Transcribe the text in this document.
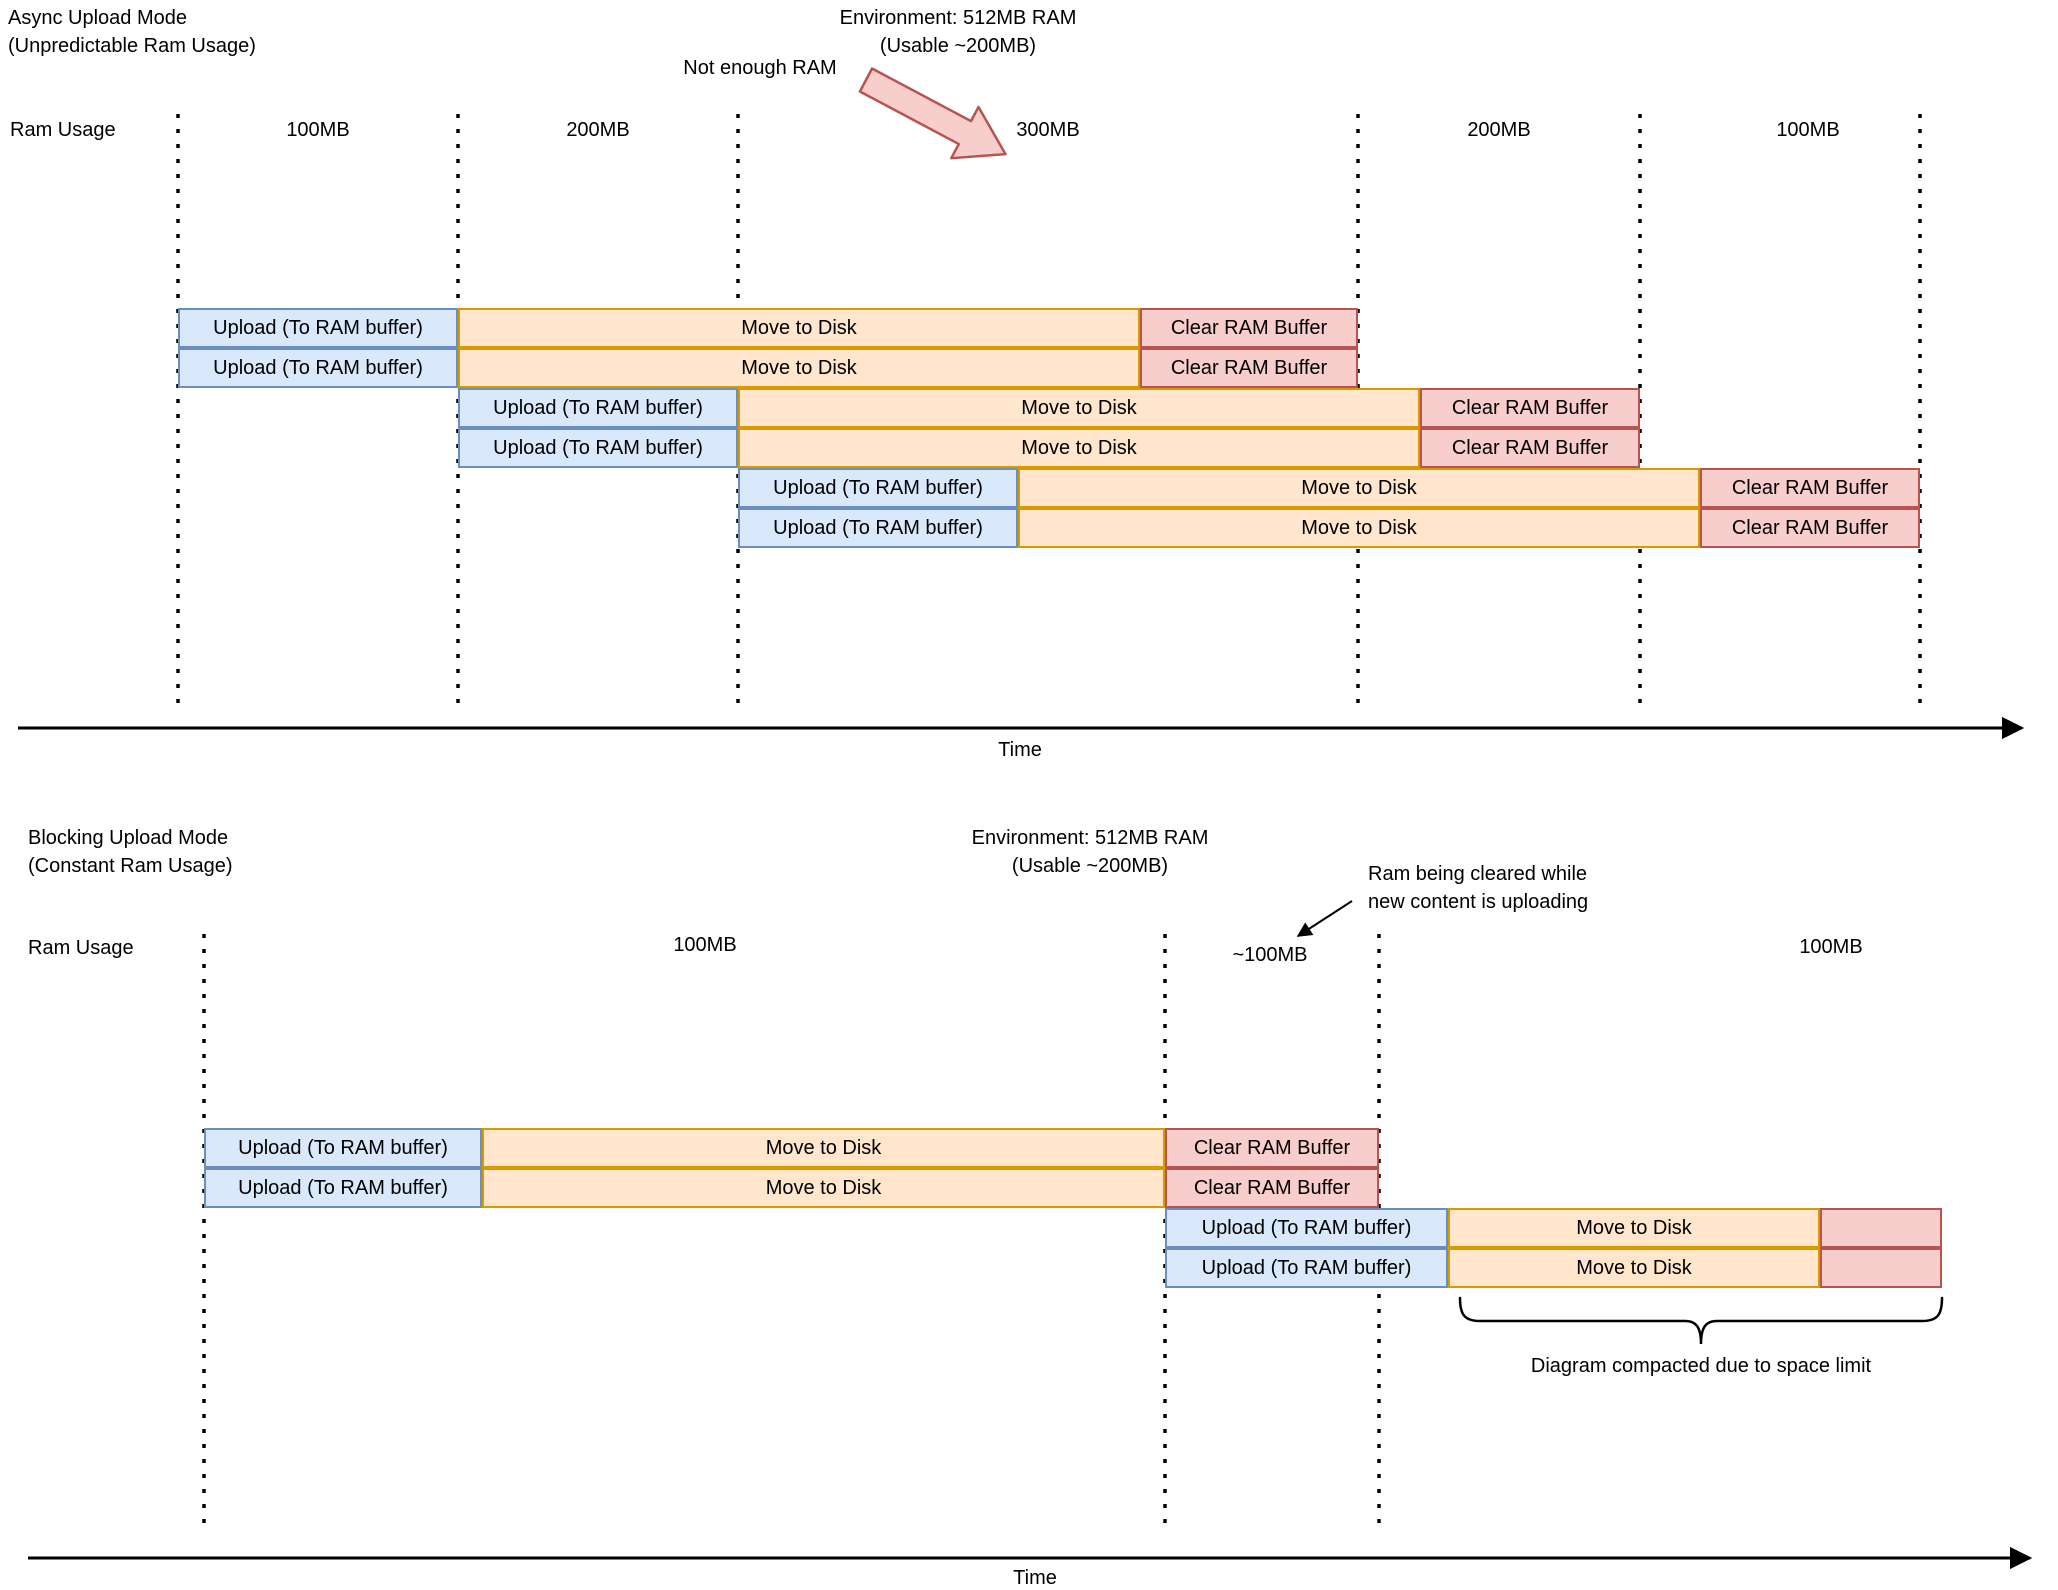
Async Upload Mode
(Unpredictable Ram Usage)
Environment: 512MB RAM
(Usable ~200MB)
Ram Usage	100MB	200MB	300MB	200MB	100MB
Not enough RAM
Upload (To RAM buffer)	Move to Disk	Clear RAM Buffer
Upload (To RAM buffer)	Move to Disk	Clear RAM Buffer
Upload (To RAM buffer)	Move to Disk	Clear RAM Buffer
Upload (To RAM buffer)	Move to Disk	Clear RAM Buffer
Upload (To RAM buffer)	Move to Disk	Clear RAM Buffer
Upload (To RAM buffer)	Move to Disk	Clear RAM Buffer
Time
Blocking Upload Mode
(Constant Ram Usage)
Environment: 512MB RAM
(Usable ~200MB)
Ram Usage	100MB	~100MB	100MB
Ram being cleared while
new content is uploading
Upload (To RAM buffer)	Move to Disk	Clear RAM Buffer
Upload (To RAM buffer)	Move to Disk	Clear RAM Buffer
Upload (To RAM buffer)	Move to Disk
Upload (To RAM buffer)	Move to Disk
Diagram compacted due to space limit
Time
